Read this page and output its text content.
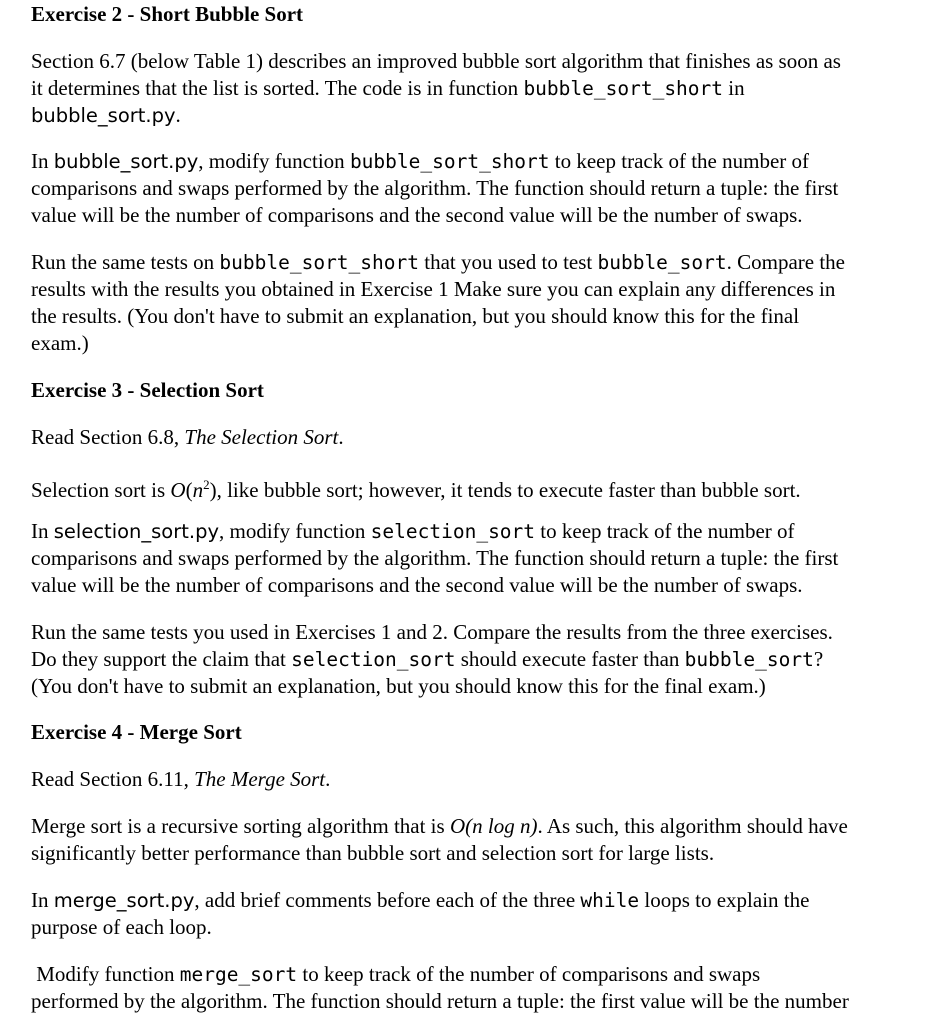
Exercise 2 - Short Bubble Sort
Section 6.7 (below Table 1) describes an improved bubble sort algorithm that finishes as soon as
it determines that the list is sorted. The code is in function bubble_sort_short in
bubble_sort.py.
In bubble_sort.py, modify function bubble_sort_short to keep track of the number of
comparisons and swaps performed by the algorithm. The function should return a tuple: the first
value will be the number of comparisons and the second value will be the number of swaps.
Run the same tests on bubble_sort_short that you used to test bubble_sort. Compare the
results with the results you obtained in Exercise 1 Make sure you can explain any differences in
the results. (You don't have to submit an explanation, but you should know this for the final
exam.)
Exercise 3 - Selection Sort
Read Section 6.8, The Selection Sort.
Selection sort is $O(n^2)$, like bubble sort; however, it tends to execute faster than bubble sort.
In selection_sort.py, modify function selection_sort to keep track of the number of
comparisons and swaps performed by the algorithm. The function should return a tuple: the first
value will be the number of comparisons and the second value will be the number of swaps.
Run the same tests you used in Exercises 1 and 2. Compare the results from the three exercises.
Do they support the claim that selection_sort should execute faster than bubble_sort?
(You don't have to submit an explanation, but you should know this for the final exam.)
Exercise 4 - Merge Sort
Read Section 6.11, The Merge Sort.
Merge sort is a recursive sorting algorithm that is O(n log n). As such, this algorithm should have
significantly better performance than bubble sort and selection sort for large lists.
In merge_sort.py, add brief comments before each of the three while loops to explain the
purpose of each loop.
Modify function merge_sort to keep track of the number of comparisons and swaps
performed by the algorithm. The function should return a tuple: the first value will be the number
